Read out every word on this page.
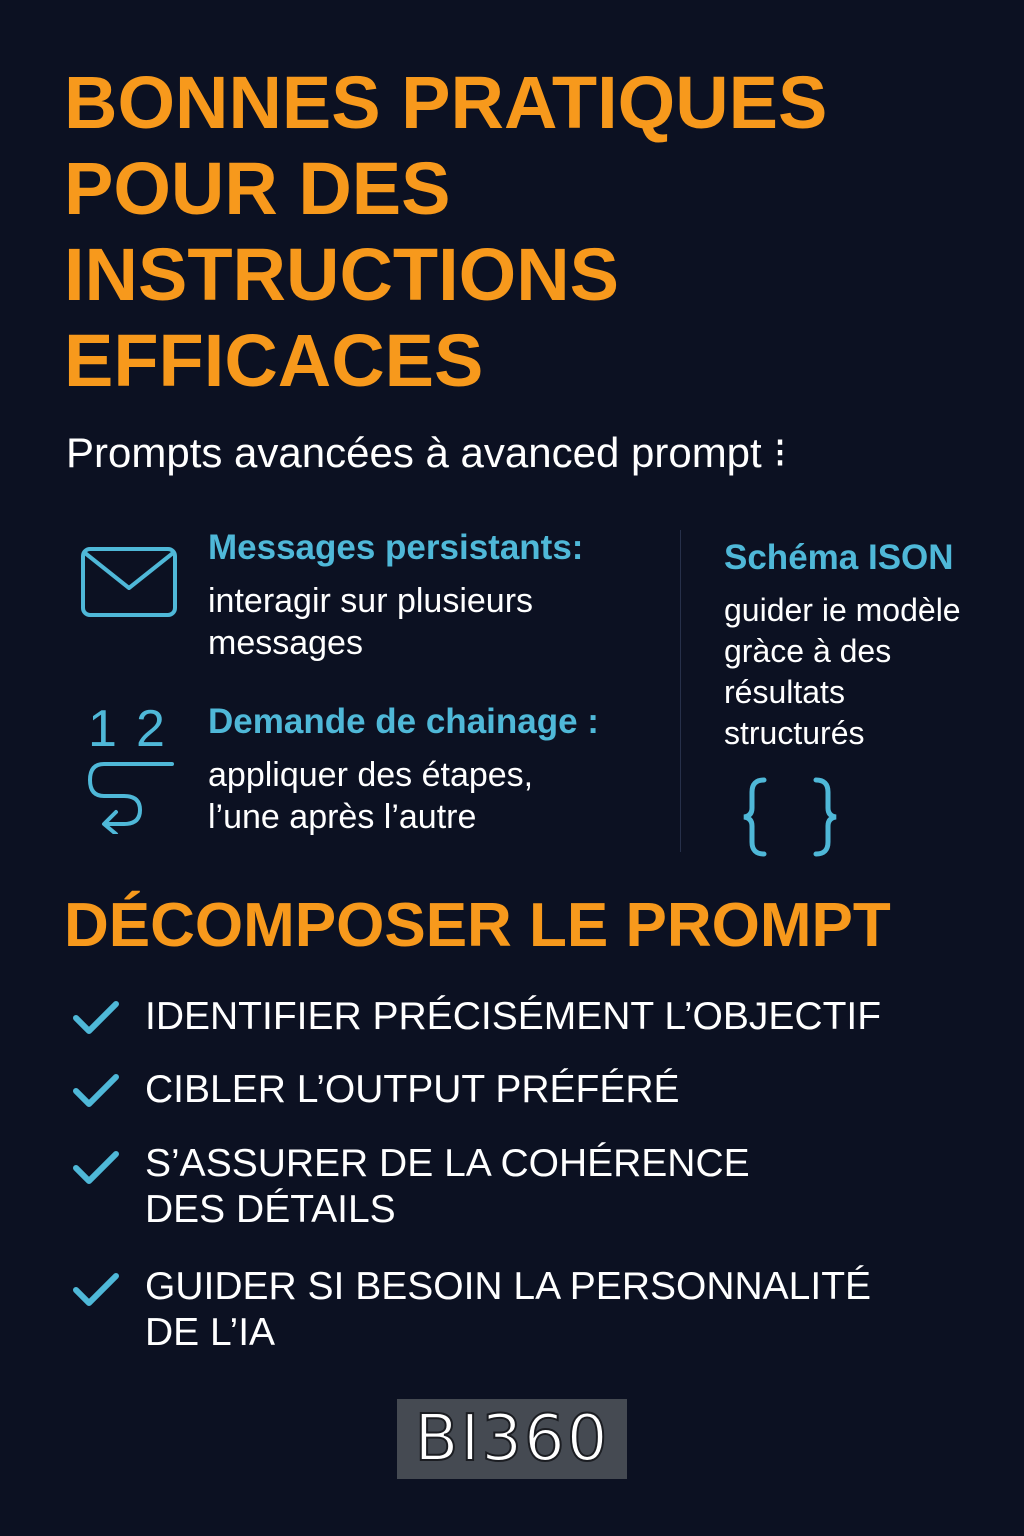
BONNES PRATIQUES
POUR DES
INSTRUCTIONS
EFFICACES
Prompts avancées à avanced prompt ⁝
Messages persistants:
interagir sur plusieurs
messages
1 2 Demande de chainage :
appliquer des étapes,
l’une après l’autre
Schéma ISON
guider ie modèle
gràce à des
résultats
structurés
DÉCOMPOSER LE PROMPT
IDENTIFIER PRÉCISÉMENT L’OBJECTIF
CIBLER L’OUTPUT PRÉFÉRÉ
S’ASSURER DE LA COHÉRENCE
DES DÉTAILS
GUIDER SI BESOIN LA PERSONNALITÉ
DE L’IA
BI360
